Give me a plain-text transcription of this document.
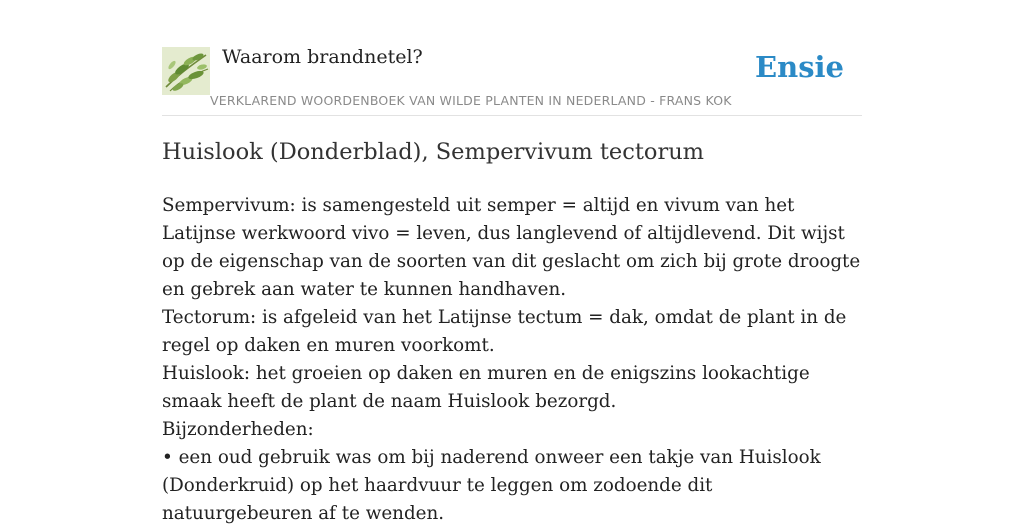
Waarom brandnetel?
VERKLAREND WOORDENBOEK VAN WILDE PLANTEN IN NEDERLAND - FRANS KOK
Ensie
Huislook (Donderblad), Sempervivum tectorum

Sempervivum: is samengesteld uit semper = altijd en vivum van het Latijnse werkwoord vivo = leven, dus langlevend of altijdlevend. Dit wijst op de eigenschap van de soorten van dit geslacht om zich bij grote droogte en gebrek aan water te kunnen handhaven.

Tectorum: is afgeleid van het Latijnse tectum = dak, omdat de plant in de regel op daken en muren voorkomt.

Huislook: het groeien op daken en muren en de enigszins lookachtige smaak heeft de plant de naam Huislook bezorgd.

Bijzonderheden:

• een oud gebruik was om bij naderend onweer een takje van Huislook (Donderkruid) op het haardvuur te leggen om zodoende dit natuurgebeuren af te wenden.
